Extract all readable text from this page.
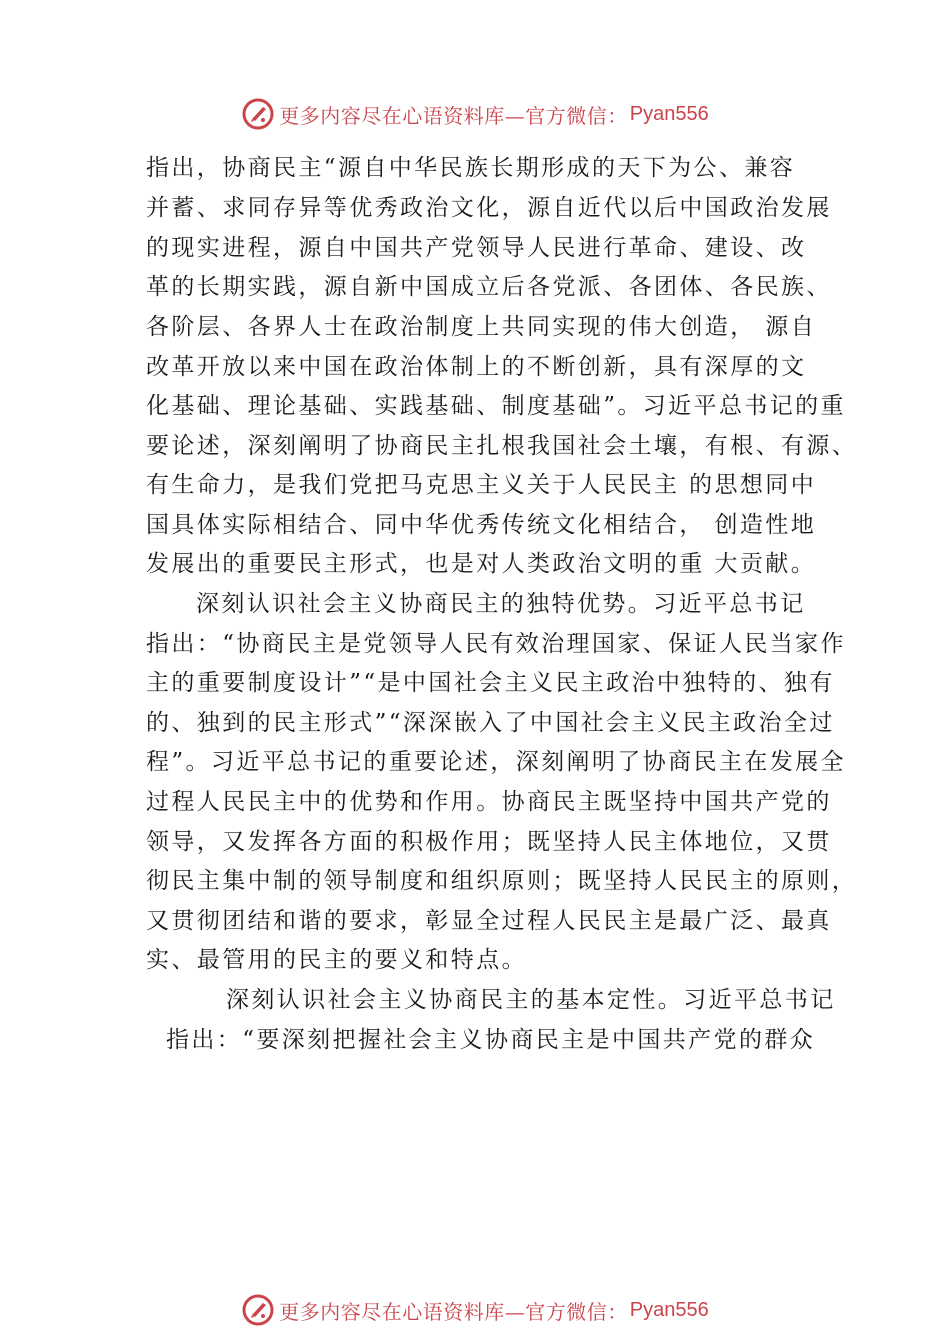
更多内容尽在心语资料库—官方微信： Pyan556
指出，协商民主“源自中华民族长期形成的天下为公、兼容
并蓄、求同存异等优秀政治文化，源自近代以后中国政治发展
的现实进程，源自中国共产党领导人民进行革命、建设、改
革的长期实践，源自新中国成立后各党派、各团体、各民族、
各阶层、各界人士在政治制度上共同实现的伟大创造， 源自
改革开放以来中国在政治体制上的不断创新，具有深厚的文
化基础、理论基础、实践基础、制度基础”。习近平总书记的重
要论述，深刻阐明了协商民主扎根我国社会土壤，有根、有源、
有生命力，是我们党把马克思主义关于人民民主 的思想同中
国具体实际相结合、同中华优秀传统文化相结合， 创造性地
发展出的重要民主形式，也是对人类政治文明的重 大贡献。
深刻认识社会主义协商民主的独特优势。习近平总书记
指出：“协商民主是党领导人民有效治理国家、保证人民当家作
主的重要制度设计”“是中国社会主义民主政治中独特的、独有
的、独到的民主形式”“深深嵌入了中国社会主义民主政治全过
程”。习近平总书记的重要论述，深刻阐明了协商民主在发展全
过程人民民主中的优势和作用。协商民主既坚持中国共产党的
领导，又发挥各方面的积极作用；既坚持人民主体地位，又贯
彻民主集中制的领导制度和组织原则；既坚持人民民主的原则，
又贯彻团结和谐的要求，彰显全过程人民民主是最广泛、最真
实、最管用的民主的要义和特点。
深刻认识社会主义协商民主的基本定性。习近平总书记
指出：“要深刻把握社会主义协商民主是中国共产党的群众
更多内容尽在心语资料库—官方微信： Pyan556
